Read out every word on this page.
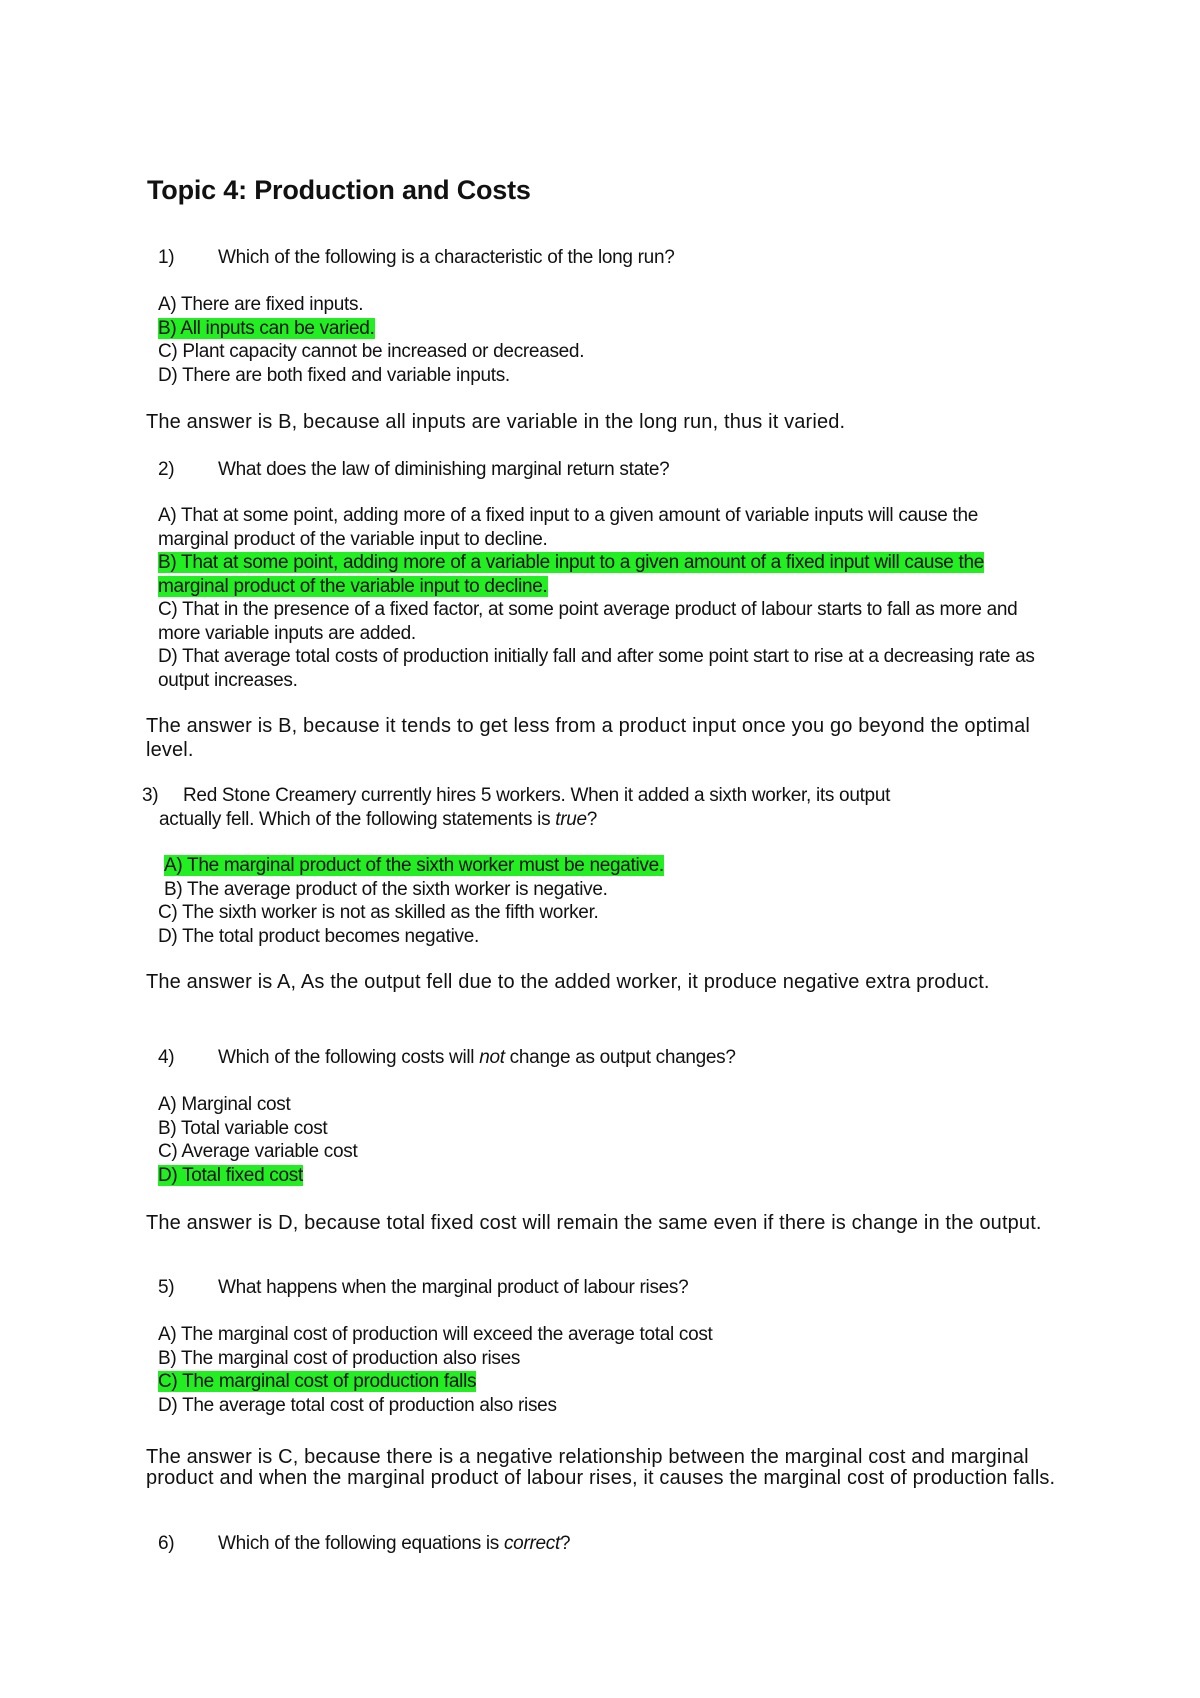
Topic 4: Production and Costs
1) Which of the following is a characteristic of the long run?
A) There are fixed inputs.
B) All inputs can be varied.
C) Plant capacity cannot be increased or decreased.
D) There are both fixed and variable inputs.
The answer is B, because all inputs are variable in the long run, thus it varied.
2) What does the law of diminishing marginal return state?
A) That at some point, adding more of a fixed input to a given amount of variable inputs will cause the marginal product of the variable input to decline.
B) That at some point, adding more of a variable input to a given amount of a fixed input will cause the marginal product of the variable input to decline.
C) That in the presence of a fixed factor, at some point average product of labour starts to fall as more and more variable inputs are added.
D) That average total costs of production initially fall and after some point start to rise at a decreasing rate as output increases.
The answer is B, because it tends to get less from a product input once you go beyond the optimal level.
3) Red Stone Creamery currently hires 5 workers. When it added a sixth worker, its output
actually fell. Which of the following statements is true?
A) The marginal product of the sixth worker must be negative.
B) The average product of the sixth worker is negative.
C) The sixth worker is not as skilled as the fifth worker.
D) The total product becomes negative.
The answer is A, As the output fell due to the added worker, it produce negative extra product.
4) Which of the following costs will not change as output changes?
A) Marginal cost
B) Total variable cost
C) Average variable cost
D) Total fixed cost
The answer is D, because total fixed cost will remain the same even if there is change in the output.
5) What happens when the marginal product of labour rises?
A) The marginal cost of production will exceed the average total cost
B) The marginal cost of production also rises
C) The marginal cost of production falls
D) The average total cost of production also rises
The answer is C, because there is a negative relationship between the marginal cost and marginal product and when the marginal product of labour rises, it causes the marginal cost of production falls.
6) Which of the following equations is correct?
